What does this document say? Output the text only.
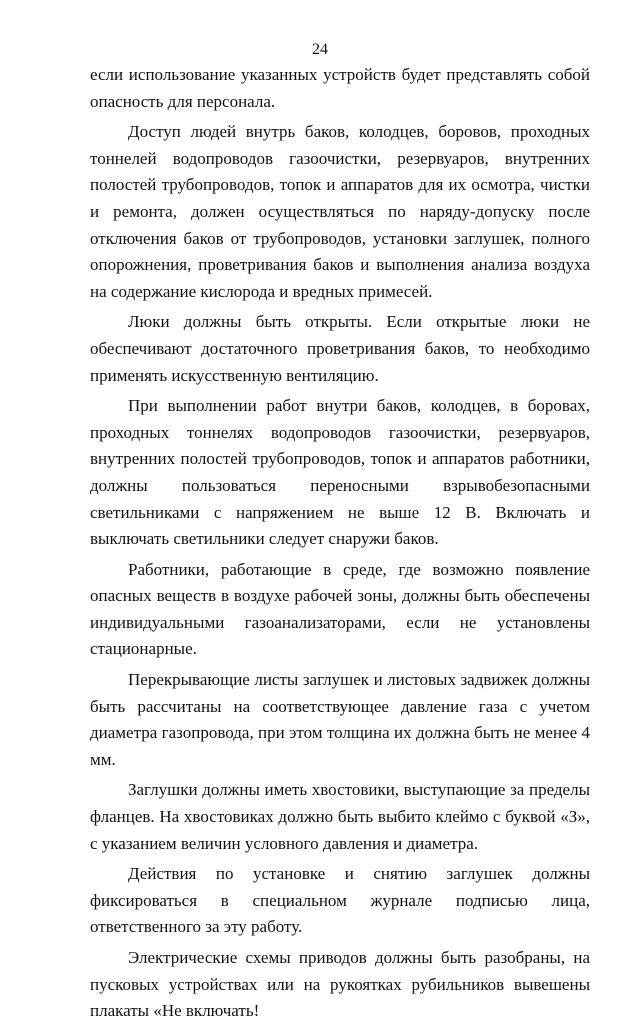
24

если использование указанных устройств будет представлять собой опасность для персонала.

Доступ людей внутрь баков, колодцев, боровов, проходных тоннелей водопроводов газоочистки, резервуаров, внутренних полостей трубопроводов, топок и аппаратов для их осмотра, чистки и ремонта, должен осуществляться по наряду-допуску после отключения баков от трубопроводов, установки заглушек, полного опорожнения, проветривания баков и выполнения анализа воздуха на содержание кислорода и вредных примесей.

Люки должны быть открыты. Если открытые люки не обеспечивают достаточного проветривания баков, то необходимо применять искусственную вентиляцию.

При выполнении работ внутри баков, колодцев, в боровах, проходных тоннелях водопроводов газоочистки, резервуаров, внутренних полостей трубопроводов, топок и аппаратов работники, должны пользоваться переносными взрывобезопасными светильниками с напряжением не выше 12 В. Включать и выключать светильники следует снаружи баков.

Работники, работающие в среде, где возможно появление опасных веществ в воздухе рабочей зоны, должны быть обеспечены индивидуальными газоанализаторами, если не установлены стационарные.

Перекрывающие листы заглушек и листовых задвижек должны быть рассчитаны на соответствующее давление газа с учетом диаметра газопровода, при этом толщина их должна быть не менее 4 мм.

Заглушки должны иметь хвостовики, выступающие за пределы фланцев. На хвостовиках должно быть выбито клеймо с буквой «З», с указанием величин условного давления и диаметра.

Действия по установке и снятию заглушек должны фиксироваться в специальном журнале подписью лица, ответственного за эту работу.

Электрические схемы приводов должны быть разобраны, на пусковых устройствах или на рукоятках рубильников вывешены плакаты «Не включать!
